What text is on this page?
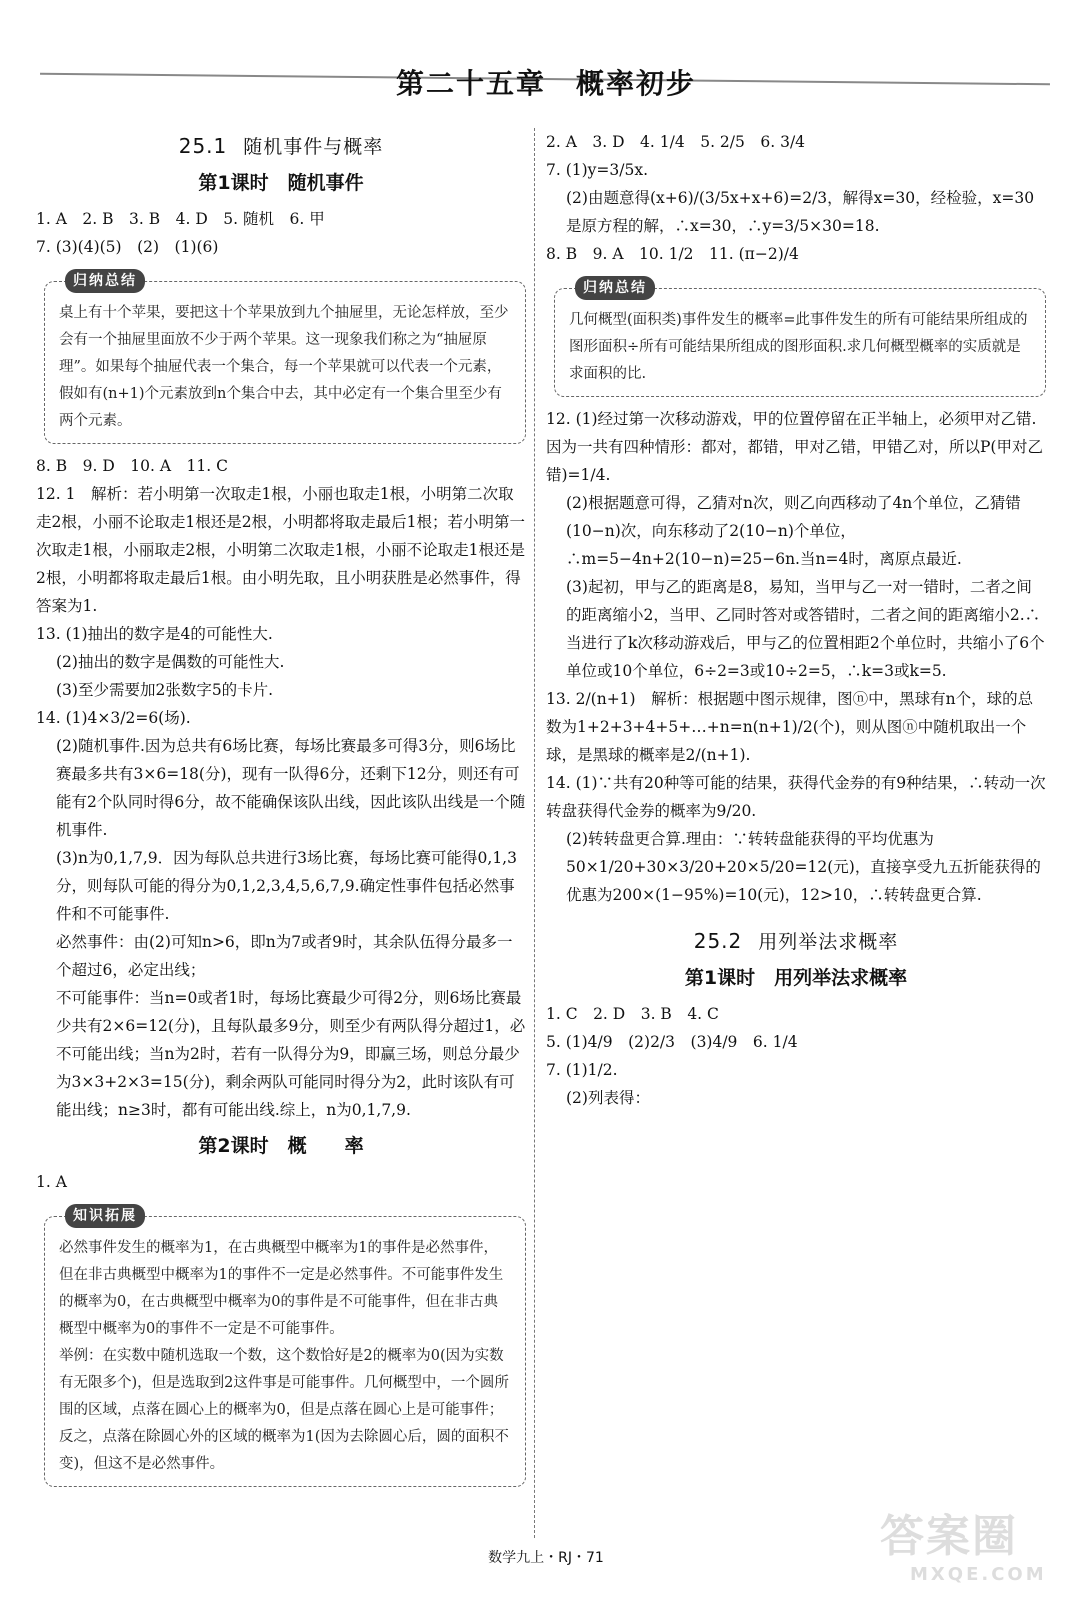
第二十五章　概率初步
25.1 随机事件与概率
第1课时　随机事件

1. A　2. B　3. B　4. D　5. 随机　6. 甲

7. (3)(4)(5)　(2)　(1)(6)

归纳总结
桌上有十个苹果，要把这十个苹果放到九个抽屉里，无论怎样放，至少会有一个抽屉里面放不少于两个苹果。这一现象我们称之为“抽屉原理”。如果每个抽屉代表一个集合，每一个苹果就可以代表一个元素，假如有(n+1)个元素放到n个集合中去，其中必定有一个集合里至少有两个元素。

8. B　9. D　10. A　11. C

12. 1　解析：若小明第一次取走1根，小丽也取走1根，小明第二次取走2根，小丽不论取走1根还是2根，小明都将取走最后1根；若小明第一次取走1根，小丽取走2根，小明第二次取走1根，小丽不论取走1根还是2根，小明都将取走最后1根。由小明先取，且小明获胜是必然事件，得答案为1.

13. (1)抽出的数字是4的可能性大.

(2)抽出的数字是偶数的可能性大.

(3)至少需要加2张数字5的卡片.

14. (1)4×3/2=6(场).

(2)随机事件.因为总共有6场比赛，每场比赛最多可得3分，则6场比赛最多共有3×6=18(分)，现有一队得6分，还剩下12分，则还有可能有2个队同时得6分，故不能确保该队出线，因此该队出线是一个随机事件.

(3)n为0,1,7,9．因为每队总共进行3场比赛，每场比赛可能得0,1,3分，则每队可能的得分为0,1,2,3,4,5,6,7,9.确定性事件包括必然事件和不可能事件.

必然事件：由(2)可知n>6，即n为7或者9时，其余队伍得分最多一个超过6，必定出线；

不可能事件：当n=0或者1时，每场比赛最少可得2分，则6场比赛最少共有2×6=12(分)，且每队最多9分，则至少有两队得分超过1，必不可能出线；当n为2时，若有一队得分为9，即赢三场，则总分最少为3×3+2×3=15(分)，剩余两队可能同时得分为2，此时该队有可能出线；n≥3时，都有可能出线.综上，n为0,1,7,9.

第2课时　概　　率

1. A

知识拓展
必然事件发生的概率为1，在古典概型中概率为1的事件是必然事件，但在非古典概型中概率为1的事件不一定是必然事件。不可能事件发生的概率为0，在古典概型中概率为0的事件是不可能事件，但在非古典概型中概率为0的事件不一定是不可能事件。
举例：在实数中随机选取一个数，这个数恰好是2的概率为0(因为实数有无限多个)，但是选取到2这件事是可能事件。几何概型中，一个圆所围的区域，点落在圆心上的概率为0，但是点落在圆心上是可能事件；反之，点落在除圆心外的区域的概率为1(因为去除圆心后，圆的面积不变)，但这不是必然事件。

2. A　3. D　4. 1/4　5. 2/5　6. 3/4

7. (1)y=3/5x.

(2)由题意得(x+6)/(3/5x+x+6)=2/3，解得x=30，经检验，x=30是原方程的解，∴x=30，∴y=3/5×30=18.

8. B　9. A　10. 1/2　11. (π−2)/4

归纳总结
几何概型(面积类)事件发生的概率=此事件发生的所有可能结果所组成的图形面积÷所有可能结果所组成的图形面积.求几何概型概率的实质就是求面积的比.

12. (1)经过第一次移动游戏，甲的位置停留在正半轴上，必须甲对乙错.因为一共有四种情形：都对，都错，甲对乙错，甲错乙对，所以P(甲对乙错)=1/4.

(2)根据题意可得，乙猜对n次，则乙向西移动了4n个单位，乙猜错(10−n)次，向东移动了2(10−n)个单位，∴m=5−4n+2(10−n)=25−6n.当n=4时，离原点最近.

(3)起初，甲与乙的距离是8，易知，当甲与乙一对一错时，二者之间的距离缩小2，当甲、乙同时答对或答错时，二者之间的距离缩小2.∴当进行了k次移动游戏后，甲与乙的位置相距2个单位时，共缩小了6个单位或10个单位，6÷2=3或10÷2=5，∴k=3或k=5.

13. 2/(n+1)　解析：根据题中图示规律，图ⓝ中，黑球有n个，球的总数为1+2+3+4+5+…+n=n(n+1)/2(个)，则从图ⓝ中随机取出一个球，是黑球的概率是2/(n+1).

14. (1)∵共有20种等可能的结果，获得代金券的有9种结果，∴转动一次转盘获得代金券的概率为9/20.

(2)转转盘更合算.理由：∵转转盘能获得的平均优惠为50×1/20+30×3/20+20×5/20=12(元)，直接享受九五折能获得的优惠为200×(1−95%)=10(元)，12>10，∴转转盘更合算.

25.2 用列举法求概率
第1课时　用列举法求概率

1. C　2. D　3. B　4. C

5. (1)4/9　(2)2/3　(3)4/9　6. 1/4

7. (1)1/2.

(2)列表得：

数学九上・RJ・71	答案圈
MXQE.COM
